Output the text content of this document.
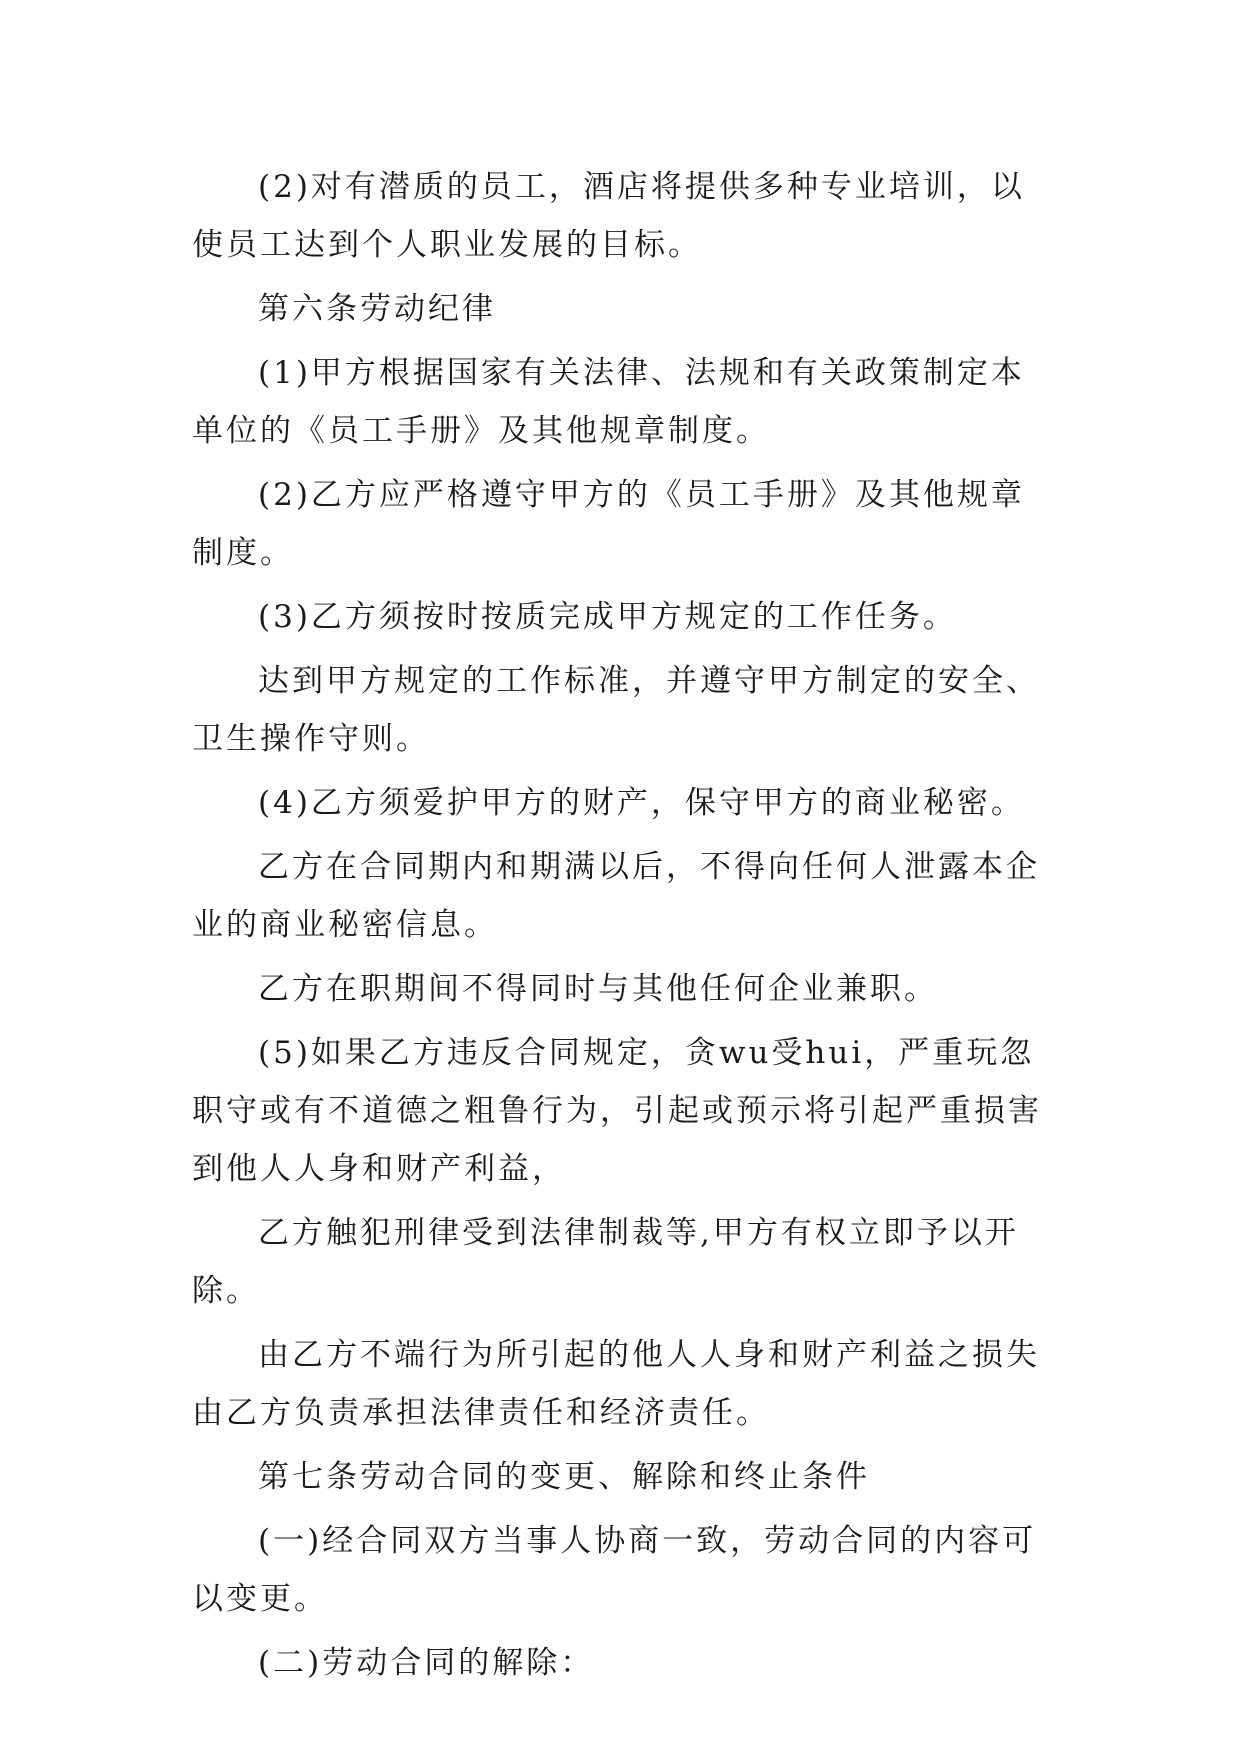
(2)对有潜质的员工，酒店将提供多种专业培训，以使员工达到个人职业发展的目标。

第六条劳动纪律

(1)甲方根据国家有关法律、法规和有关政策制定本单位的《员工手册》及其他规章制度。

(2)乙方应严格遵守甲方的《员工手册》及其他规章制度。

(3)乙方须按时按质完成甲方规定的工作任务。

达到甲方规定的工作标准，并遵守甲方制定的安全、卫生操作守则。

(4)乙方须爱护甲方的财产，保守甲方的商业秘密。

乙方在合同期内和期满以后，不得向任何人泄露本企业的商业秘密信息。

乙方在职期间不得同时与其他任何企业兼职。

(5)如果乙方违反合同规定，贪wu受hui，严重玩忽职守或有不道德之粗鲁行为，引起或预示将引起严重损害到他人人身和财产利益，

乙方触犯刑律受到法律制裁等,甲方有权立即予以开除。

由乙方不端行为所引起的他人人身和财产利益之损失由乙方负责承担法律责任和经济责任。

第七条劳动合同的变更、解除和终止条件

(一)经合同双方当事人协商一致，劳动合同的内容可以变更。

(二)劳动合同的解除：
